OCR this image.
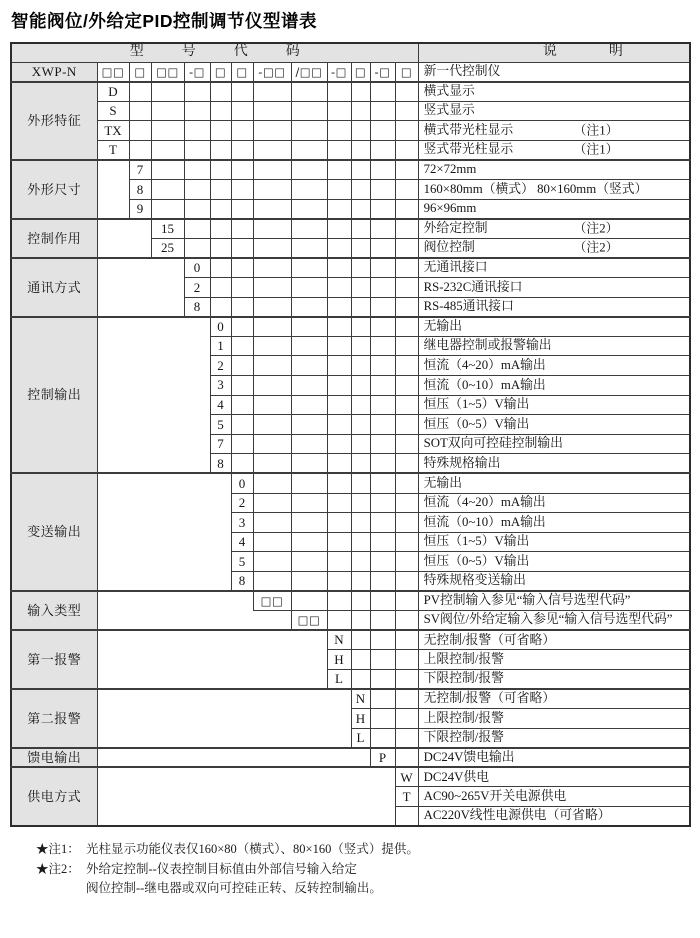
智能阀位/外给定PID控制调节仪型谱表
型号代码													说明
XWP-N	□□	□	□□	-□	□	□	-□□	/□□	-□	□	-□	□	新一代控制仪
外形特征	D												横式显示
	S												竖式显示
	TX												横式带光柱显示 （注1）

	T												竖式带光柱显示 （注1）

外形尺寸		7											72×72mm
		8											160×80mm（横式） 80×160mm（竖式）
		9											96×96mm
控制作用			15										外给定控制 （注2）

			25										阀位控制 （注2）

通讯方式				0									无通讯接口
				2									RS-232C通讯接口
				8									RS-485通讯接口
控制输出					0								无输出
					1								继电器控制或报警输出
					2								恒流（4~20）mA输出
					3								恒流（0~10）mA输出
					4								恒压（1~5）V输出
					5								恒压（0~5）V输出
					7								SOT双向可控硅控制输出
					8								特殊规格输出
变送输出						0							无输出
						2							恒流（4~20）mA输出
						3							恒流（0~10）mA输出
						4							恒压（1~5）V输出
						5							恒压（0~5）V输出
						8							特殊规格变送输出
输入类型							□□						PV控制输入参见“输入信号选型代码”
								□□					SV阀位/外给定输入参见“输入信号选型代码”
第一报警									N				无控制/报警（可省略）
									H				上限控制/报警
									L				下限控制/报警
第二报警										N			无控制/报警（可省略）
										H			上限控制/报警
										L			下限控制/报警
馈电输出											P		DC24V馈电输出
供电方式												W	DC24V供电
												T	AC90~265V开关电源供电
													AC220V线性电源供电（可省略）
★注1： 光柱显示功能仪表仅160×80（横式）、80×160（竖式）提供。
★注2： 外给定控制--仪表控制目标值由外部信号输入给定
阀位控制--继电器或双向可控硅正转、反转控制输出。
